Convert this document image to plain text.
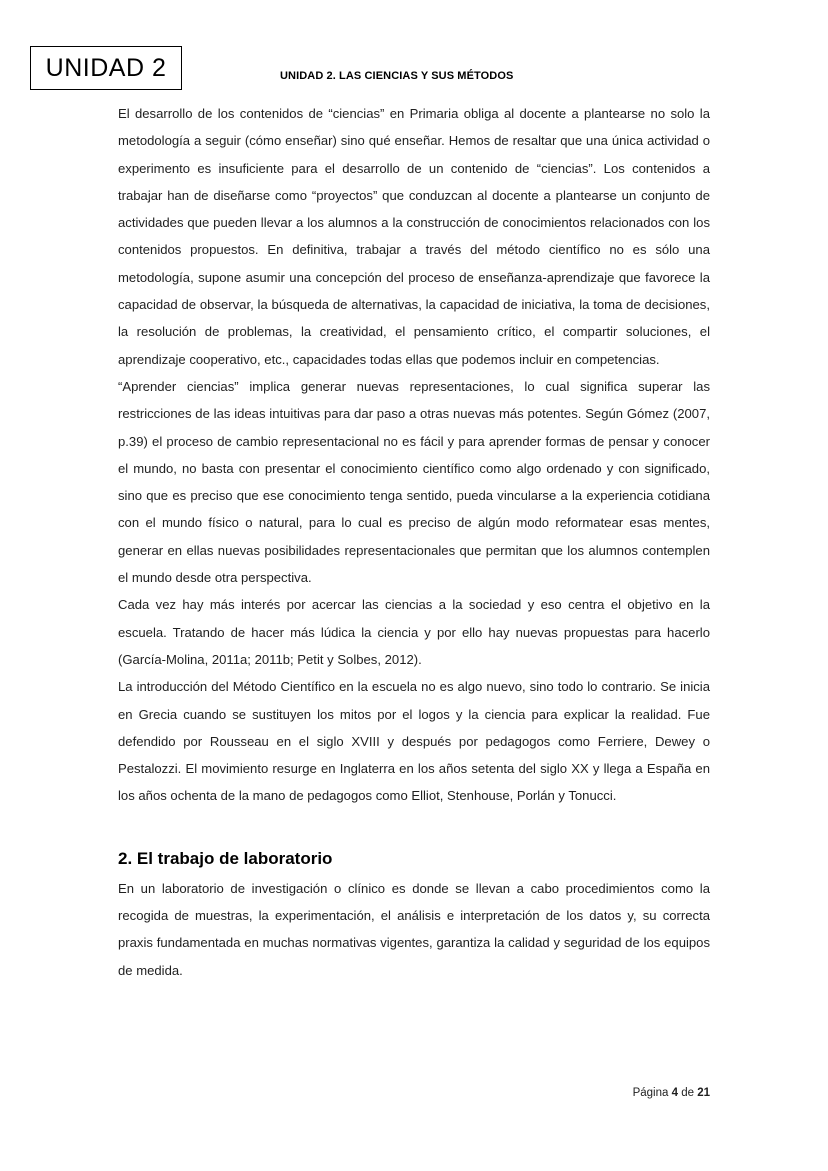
UNIDAD 2	UNIDAD 2. LAS CIENCIAS Y SUS MÉTODOS

El desarrollo de los contenidos de “ciencias” en Primaria obliga al docente a plantearse no solo la metodología a seguir (cómo enseñar) sino qué enseñar. Hemos de resaltar que una única actividad o experimento es insuficiente para el desarrollo de un contenido de “ciencias”. Los contenidos a trabajar han de diseñarse como “proyectos” que conduzcan al docente a plantearse un conjunto de actividades que pueden llevar a los alumnos a la construcción de conocimientos relacionados con los contenidos propuestos. En definitiva, trabajar a través del método científico no es sólo una metodología, supone asumir una concepción del proceso de enseñanza-aprendizaje que favorece la capacidad de observar, la búsqueda de alternativas, la capacidad de iniciativa, la toma de decisiones, la resolución de problemas, la creatividad, el pensamiento crítico, el compartir soluciones, el aprendizaje cooperativo, etc., capacidades todas ellas que podemos incluir en competencias.

“Aprender ciencias” implica generar nuevas representaciones, lo cual significa superar las restricciones de las ideas intuitivas para dar paso a otras nuevas más potentes. Según Gómez (2007, p.39) el proceso de cambio representacional no es fácil y para aprender formas de pensar y conocer el mundo, no basta con presentar el conocimiento científico como algo ordenado y con significado, sino que es preciso que ese conocimiento tenga sentido, pueda vincularse a la experiencia cotidiana con el mundo físico o natural, para lo cual es preciso de algún modo reformatear esas mentes, generar en ellas nuevas posibilidades representacionales que permitan que los alumnos contemplen el mundo desde otra perspectiva.

Cada vez hay más interés por acercar las ciencias a la sociedad y eso centra el objetivo en la escuela. Tratando de hacer más lúdica la ciencia y por ello hay nuevas propuestas para hacerlo (García-Molina, 2011a; 2011b; Petit y Solbes, 2012).

La introducción del Método Científico en la escuela no es algo nuevo, sino todo lo contrario. Se inicia en Grecia cuando se sustituyen los mitos por el logos y la ciencia para explicar la realidad. Fue defendido por Rousseau en el siglo XVIII y después por pedagogos como Ferriere, Dewey o Pestalozzi. El movimiento resurge en Inglaterra en los años setenta del siglo XX y llega a España en los años ochenta de la mano de pedagogos como Elliot, Stenhouse, Porlán y Tonucci.

2. El trabajo de laboratorio

En un laboratorio de investigación o clínico es donde se llevan a cabo procedimientos como la recogida de muestras, la experimentación, el análisis e interpretación de los datos y, su correcta praxis fundamentada en muchas normativas vigentes, garantiza la calidad y seguridad de los equipos de medida.

Página 4 de 21
